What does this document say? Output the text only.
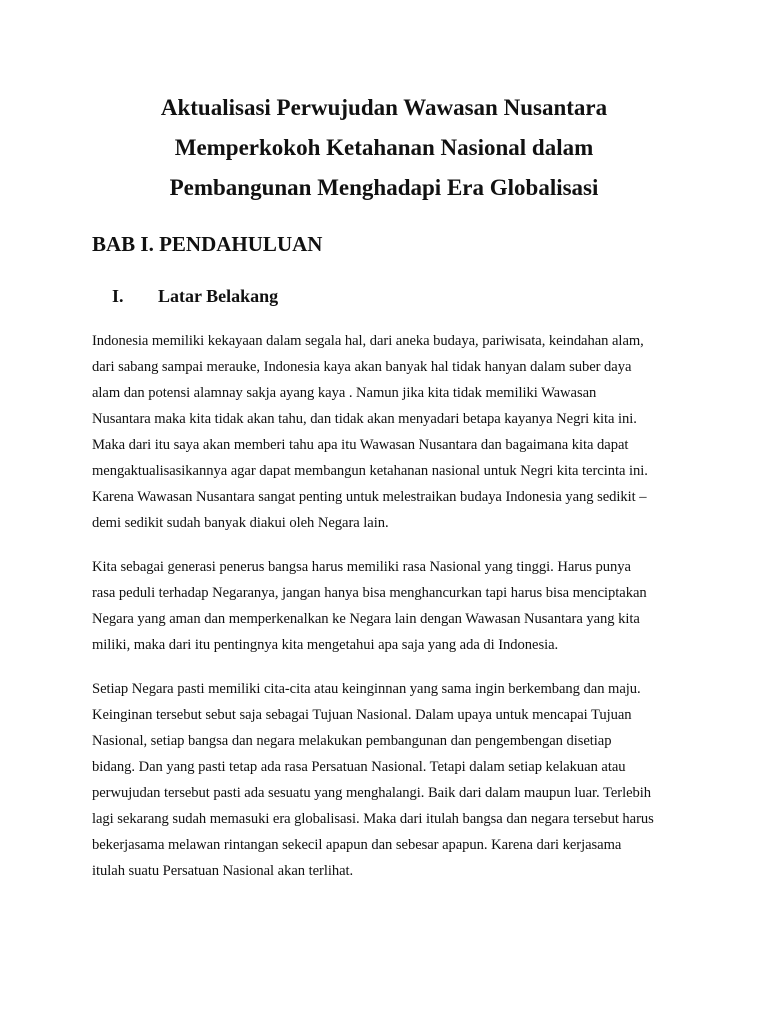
Aktualisasi Perwujudan Wawasan Nusantara
Memperkokoh Ketahanan Nasional dalam
Pembangunan Menghadapi Era Globalisasi
BAB I. PENDAHULUAN
I.	Latar Belakang

Indonesia memiliki kekayaan dalam segala hal, dari aneka budaya, pariwisata, keindahan alam,
dari sabang sampai merauke, Indonesia kaya akan banyak hal tidak hanyan dalam suber daya
alam dan potensi alamnay sakja ayang kaya . Namun jika kita tidak memiliki Wawasan
Nusantara maka kita tidak akan tahu, dan tidak akan menyadari betapa kayanya Negri kita ini.
Maka dari itu saya akan memberi tahu apa itu Wawasan Nusantara dan bagaimana kita dapat
mengaktualisasikannya agar dapat membangun ketahanan nasional untuk Negri kita tercinta ini.
Karena Wawasan Nusantara sangat penting untuk melestraikan budaya Indonesia yang sedikit –
demi sedikit sudah banyak diakui oleh Negara lain.

Kita sebagai generasi penerus bangsa harus memiliki rasa Nasional yang tinggi. Harus punya
rasa peduli terhadap Negaranya, jangan hanya bisa menghancurkan tapi harus bisa menciptakan
Negara yang aman dan memperkenalkan ke Negara lain dengan Wawasan Nusantara yang kita
miliki, maka dari itu pentingnya kita mengetahui apa saja yang ada di Indonesia.

Setiap Negara pasti memiliki cita-cita atau keinginnan yang sama ingin berkembang dan maju.
Keinginan tersebut sebut saja sebagai Tujuan Nasional. Dalam upaya untuk mencapai Tujuan
Nasional, setiap bangsa dan negara melakukan pembangunan dan pengembengan disetiap
bidang. Dan yang pasti tetap ada rasa Persatuan Nasional. Tetapi dalam setiap kelakuan atau
perwujudan tersebut pasti ada sesuatu yang menghalangi. Baik dari dalam maupun luar. Terlebih
lagi sekarang sudah memasuki era globalisasi. Maka dari itulah bangsa dan negara tersebut harus
bekerjasama melawan rintangan sekecil apapun dan sebesar apapun. Karena dari kerjasama
itulah suatu Persatuan Nasional akan terlihat.
